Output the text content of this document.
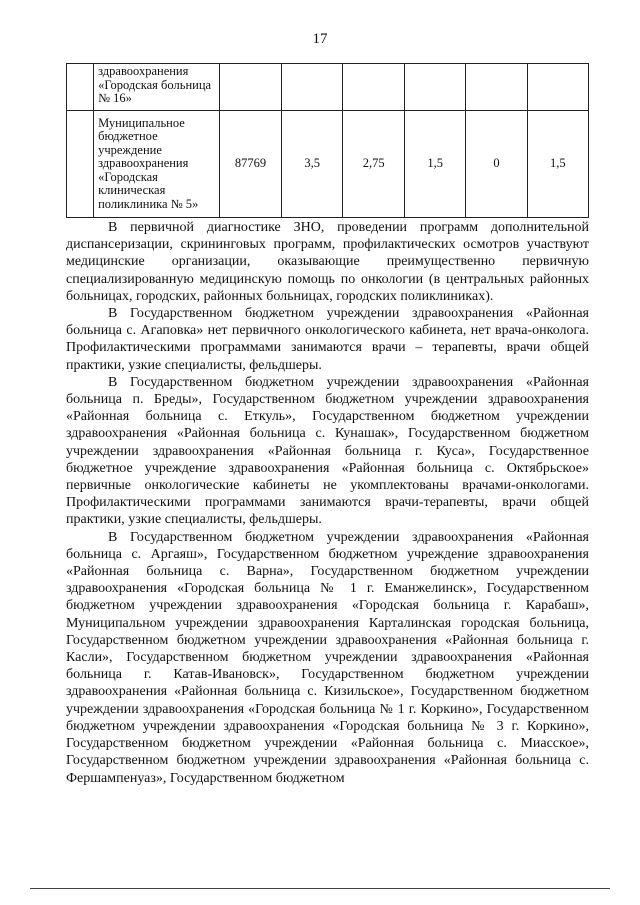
17
	здравоохранения «Городская больница № 16»						
	Муниципальное бюджетное учреждение здравоохранения «Городская клиническая поликлиника № 5»	87769	3,5	2,75	1,5	0	1,5

В первичной диагностике ЗНО, проведении программ дополнительной диспансеризации, скрининговых программ, профилактических осмотров участвуют медицинские организации, оказывающие преимущественно первичную специализированную медицинскую помощь по онкологии (в центральных районных больницах, городских, районных больницах, городских поликлиниках).

В Государственном бюджетном учреждении здравоохранения «Районная больница с. Агаповка» нет первичного онкологического кабинета, нет врача-онколога. Профилактическими программами занимаются врачи – терапевты, врачи общей практики, узкие специалисты, фельдшеры.

В Государственном бюджетном учреждении здравоохранения «Районная больница п. Бреды», Государственном бюджетном учреждении здравоохранения «Районная больница с. Еткуль», Государственном бюджетном учреждении здравоохранения «Районная больница с. Кунашак», Государственном бюджетном учреждении здравоохранения «Районная больница г. Куса», Государственное бюджетное учреждение здравоохранения «Районная больница с. Октябрьское» первичные онкологические кабинеты не укомплектованы врачами-онкологами. Профилактическими программами занимаются врачи-терапевты, врачи общей практики, узкие специалисты, фельдшеры.

В Государственном бюджетном учреждении здравоохранения «Районная больница с. Аргаяш», Государственном бюджетном учреждение здравоохранения «Районная больница с. Варна», Государственном бюджетном учреждении здравоохранения «Городская больница № 1 г. Еманжелинск», Государственном бюджетном учреждении здравоохранения «Городская больница г. Карабаш», Муниципальном учреждении здравоохранения Карталинская городская больница, Государственном бюджетном учреждении здравоохранения «Районная больница г. Касли», Государственном бюджетном учреждении здравоохранения «Районная больница г. Катав-Ивановск», Государственном бюджетном учреждении здравоохранения «Районная больница с. Кизильское», Государственном бюджетном учреждении здравоохранения «Городская больница № 1 г. Коркино», Государственном бюджетном учреждении здравоохранения «Городская больница № 3 г. Коркино», Государственном бюджетном учреждении «Районная больница с. Миасское», Государственном бюджетном учреждении здравоохранения «Районная больница с. Фершампенуаз», Государственном бюджетном
